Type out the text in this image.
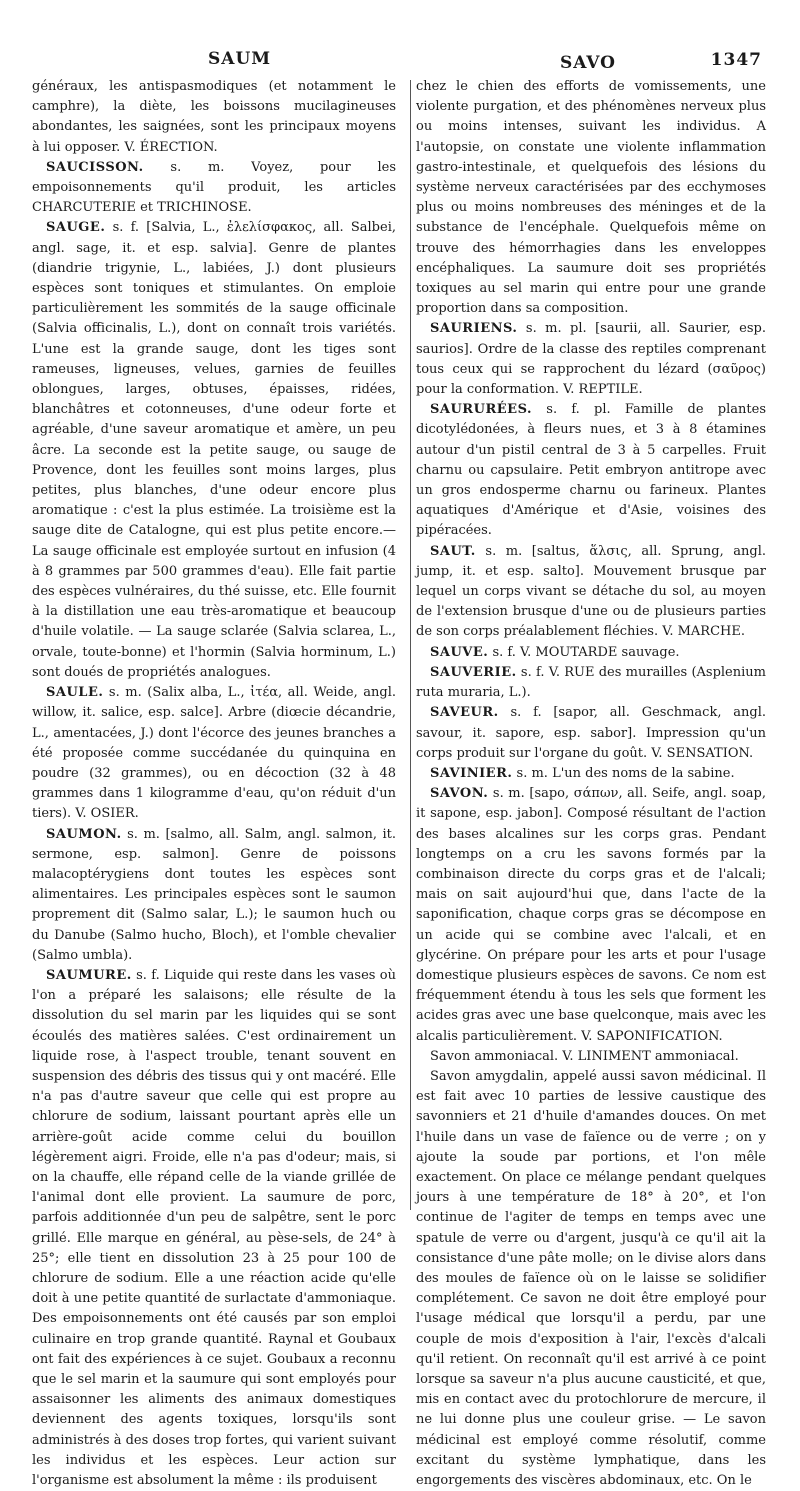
SAUM	SAVO	1347

généraux, les antispasmodiques (et notamment le camphre), la diète, les boissons mucilagineuses abondantes, les saignées, sont les principaux moyens à lui opposer. V. ÉRECTION.

SAUCISSON. s. m. Voyez, pour les empoisonnements qu'il produit, les articles CHARCUTERIE et TRICHINOSE.

SAUGE. s. f. [Salvia, L., ἐλελίσφακος, all. Salbei, angl. sage, it. et esp. salvia]. Genre de plantes (diandrie trigynie, L., labiées, J.) dont plusieurs espèces sont toniques et stimulantes. On emploie particulièrement les sommités de la sauge officinale (Salvia officinalis, L.), dont on connaît trois variétés. L'une est la grande sauge, dont les tiges sont rameuses, ligneuses, velues, garnies de feuilles oblongues, larges, obtuses, épaisses, ridées, blanchâtres et cotonneuses, d'une odeur forte et agréable, d'une saveur aromatique et amère, un peu âcre. La seconde est la petite sauge, ou sauge de Provence, dont les feuilles sont moins larges, plus petites, plus blanches, d'une odeur encore plus aromatique : c'est la plus estimée. La troisième est la sauge dite de Catalogne, qui est plus petite encore.— La sauge officinale est employée surtout en infusion (4 à 8 grammes par 500 grammes d'eau). Elle fait partie des espèces vulnéraires, du thé suisse, etc. Elle fournit à la distillation une eau très-aromatique et beaucoup d'huile volatile. — La sauge sclarée (Salvia sclarea, L., orvale, toute-bonne) et l'hormin (Salvia horminum, L.) sont doués de propriétés analogues.

SAULE. s. m. (Salix alba, L., ἰτέα, all. Weide, angl. willow, it. salice, esp. salce]. Arbre (diœcie décandrie, L., amentacées, J.) dont l'écorce des jeunes branches a été proposée comme succédanée du quinquina en poudre (32 grammes), ou en décoction (32 à 48 grammes dans 1 kilogramme d'eau, qu'on réduit d'un tiers). V. OSIER.

SAUMON. s. m. [salmo, all. Salm, angl. salmon, it. sermone, esp. salmon]. Genre de poissons malacoptérygiens dont toutes les espèces sont alimentaires. Les principales espèces sont le saumon proprement dit (Salmo salar, L.); le saumon huch ou du Danube (Salmo hucho, Bloch), et l'omble chevalier (Salmo umbla).

SAUMURE. s. f. Liquide qui reste dans les vases où l'on a préparé les salaisons; elle résulte de la dissolution du sel marin par les liquides qui se sont écoulés des matières salées. C'est ordinairement un liquide rose, à l'aspect trouble, tenant souvent en suspension des débris des tissus qui y ont macéré. Elle n'a pas d'autre saveur que celle qui est propre au chlorure de sodium, laissant pourtant après elle un arrière-goût acide comme celui du bouillon légèrement aigri. Froide, elle n'a pas d'odeur; mais, si on la chauffe, elle répand celle de la viande grillée de l'animal dont elle provient. La saumure de porc, parfois additionnée d'un peu de salpêtre, sent le porc grillé. Elle marque en général, au pèse-sels, de 24° à 25°; elle tient en dissolution 23 à 25 pour 100 de chlorure de sodium. Elle a une réaction acide qu'elle doit à une petite quantité de surlactate d'ammoniaque. Des empoisonnements ont été causés par son emploi culinaire en trop grande quantité. Raynal et Goubaux ont fait des expériences à ce sujet. Goubaux a reconnu que le sel marin et la saumure qui sont employés pour assaisonner les aliments des animaux domestiques deviennent des agents toxiques, lorsqu'ils sont administrés à des doses trop fortes, qui varient suivant les individus et les espèces. Leur action sur l'organisme est absolument la même : ils produisent

chez le chien des efforts de vomissements, une violente purgation, et des phénomènes nerveux plus ou moins intenses, suivant les individus. A l'autopsie, on constate une violente inflammation gastro-intestinale, et quelquefois des lésions du système nerveux caractérisées par des ecchymoses plus ou moins nombreuses des méninges et de la substance de l'encéphale. Quelquefois même on trouve des hémorrhagies dans les enveloppes encéphaliques. La saumure doit ses propriétés toxiques au sel marin qui entre pour une grande proportion dans sa composition.

SAURIENS. s. m. pl. [saurii, all. Saurier, esp. saurios]. Ordre de la classe des reptiles comprenant tous ceux qui se rapprochent du lézard (σαῦρος) pour la conformation. V. REPTILE.

SAURURÉES. s. f. pl. Famille de plantes dicotylédonées, à fleurs nues, et 3 à 8 étamines autour d'un pistil central de 3 à 5 carpelles. Fruit charnu ou capsulaire. Petit embryon antitrope avec un gros endosperme charnu ou farineux. Plantes aquatiques d'Amérique et d'Asie, voisines des pipéracées.

SAUT. s. m. [saltus, ἅλσις, all. Sprung, angl. jump, it. et esp. salto]. Mouvement brusque par lequel un corps vivant se détache du sol, au moyen de l'extension brusque d'une ou de plusieurs parties de son corps préalablement fléchies. V. MARCHE.

SAUVE. s. f. V. MOUTARDE sauvage.

SAUVERIE. s. f. V. RUE des murailles (Asplenium ruta muraria, L.).

SAVEUR. s. f. [sapor, all. Geschmack, angl. savour, it. sapore, esp. sabor]. Impression qu'un corps produit sur l'organe du goût. V. SENSATION.

SAVINIER. s. m. L'un des noms de la sabine.

SAVON. s. m. [sapo, σάπων, all. Seife, angl. soap, it sapone, esp. jabon]. Composé résultant de l'action des bases alcalines sur les corps gras. Pendant longtemps on a cru les savons formés par la combinaison directe du corps gras et de l'alcali; mais on sait aujourd'hui que, dans l'acte de la saponification, chaque corps gras se décompose en un acide qui se combine avec l'alcali, et en glycérine. On prépare pour les arts et pour l'usage domestique plusieurs espèces de savons. Ce nom est fréquemment étendu à tous les sels que forment les acides gras avec une base quelconque, mais avec les alcalis particulièrement. V. SAPONIFICATION.

Savon ammoniacal. V. LINIMENT ammoniacal.

Savon amygdalin, appelé aussi savon médicinal. Il est fait avec 10 parties de lessive caustique des savonniers et 21 d'huile d'amandes douces. On met l'huile dans un vase de faïence ou de verre ; on y ajoute la soude par portions, et l'on mêle exactement. On place ce mélange pendant quelques jours à une température de 18° à 20°, et l'on continue de l'agiter de temps en temps avec une spatule de verre ou d'argent, jusqu'à ce qu'il ait la consistance d'une pâte molle; on le divise alors dans des moules de faïence où on le laisse se solidifier complétement. Ce savon ne doit être employé pour l'usage médical que lorsqu'il a perdu, par une couple de mois d'exposition à l'air, l'excès d'alcali qu'il retient. On reconnaît qu'il est arrivé à ce point lorsque sa saveur n'a plus aucune causticité, et que, mis en contact avec du protochlorure de mercure, il ne lui donne plus une couleur grise. — Le savon médicinal est employé comme résolutif, comme excitant du système lymphatique, dans les engorgements des viscères abdominaux, etc. On le
